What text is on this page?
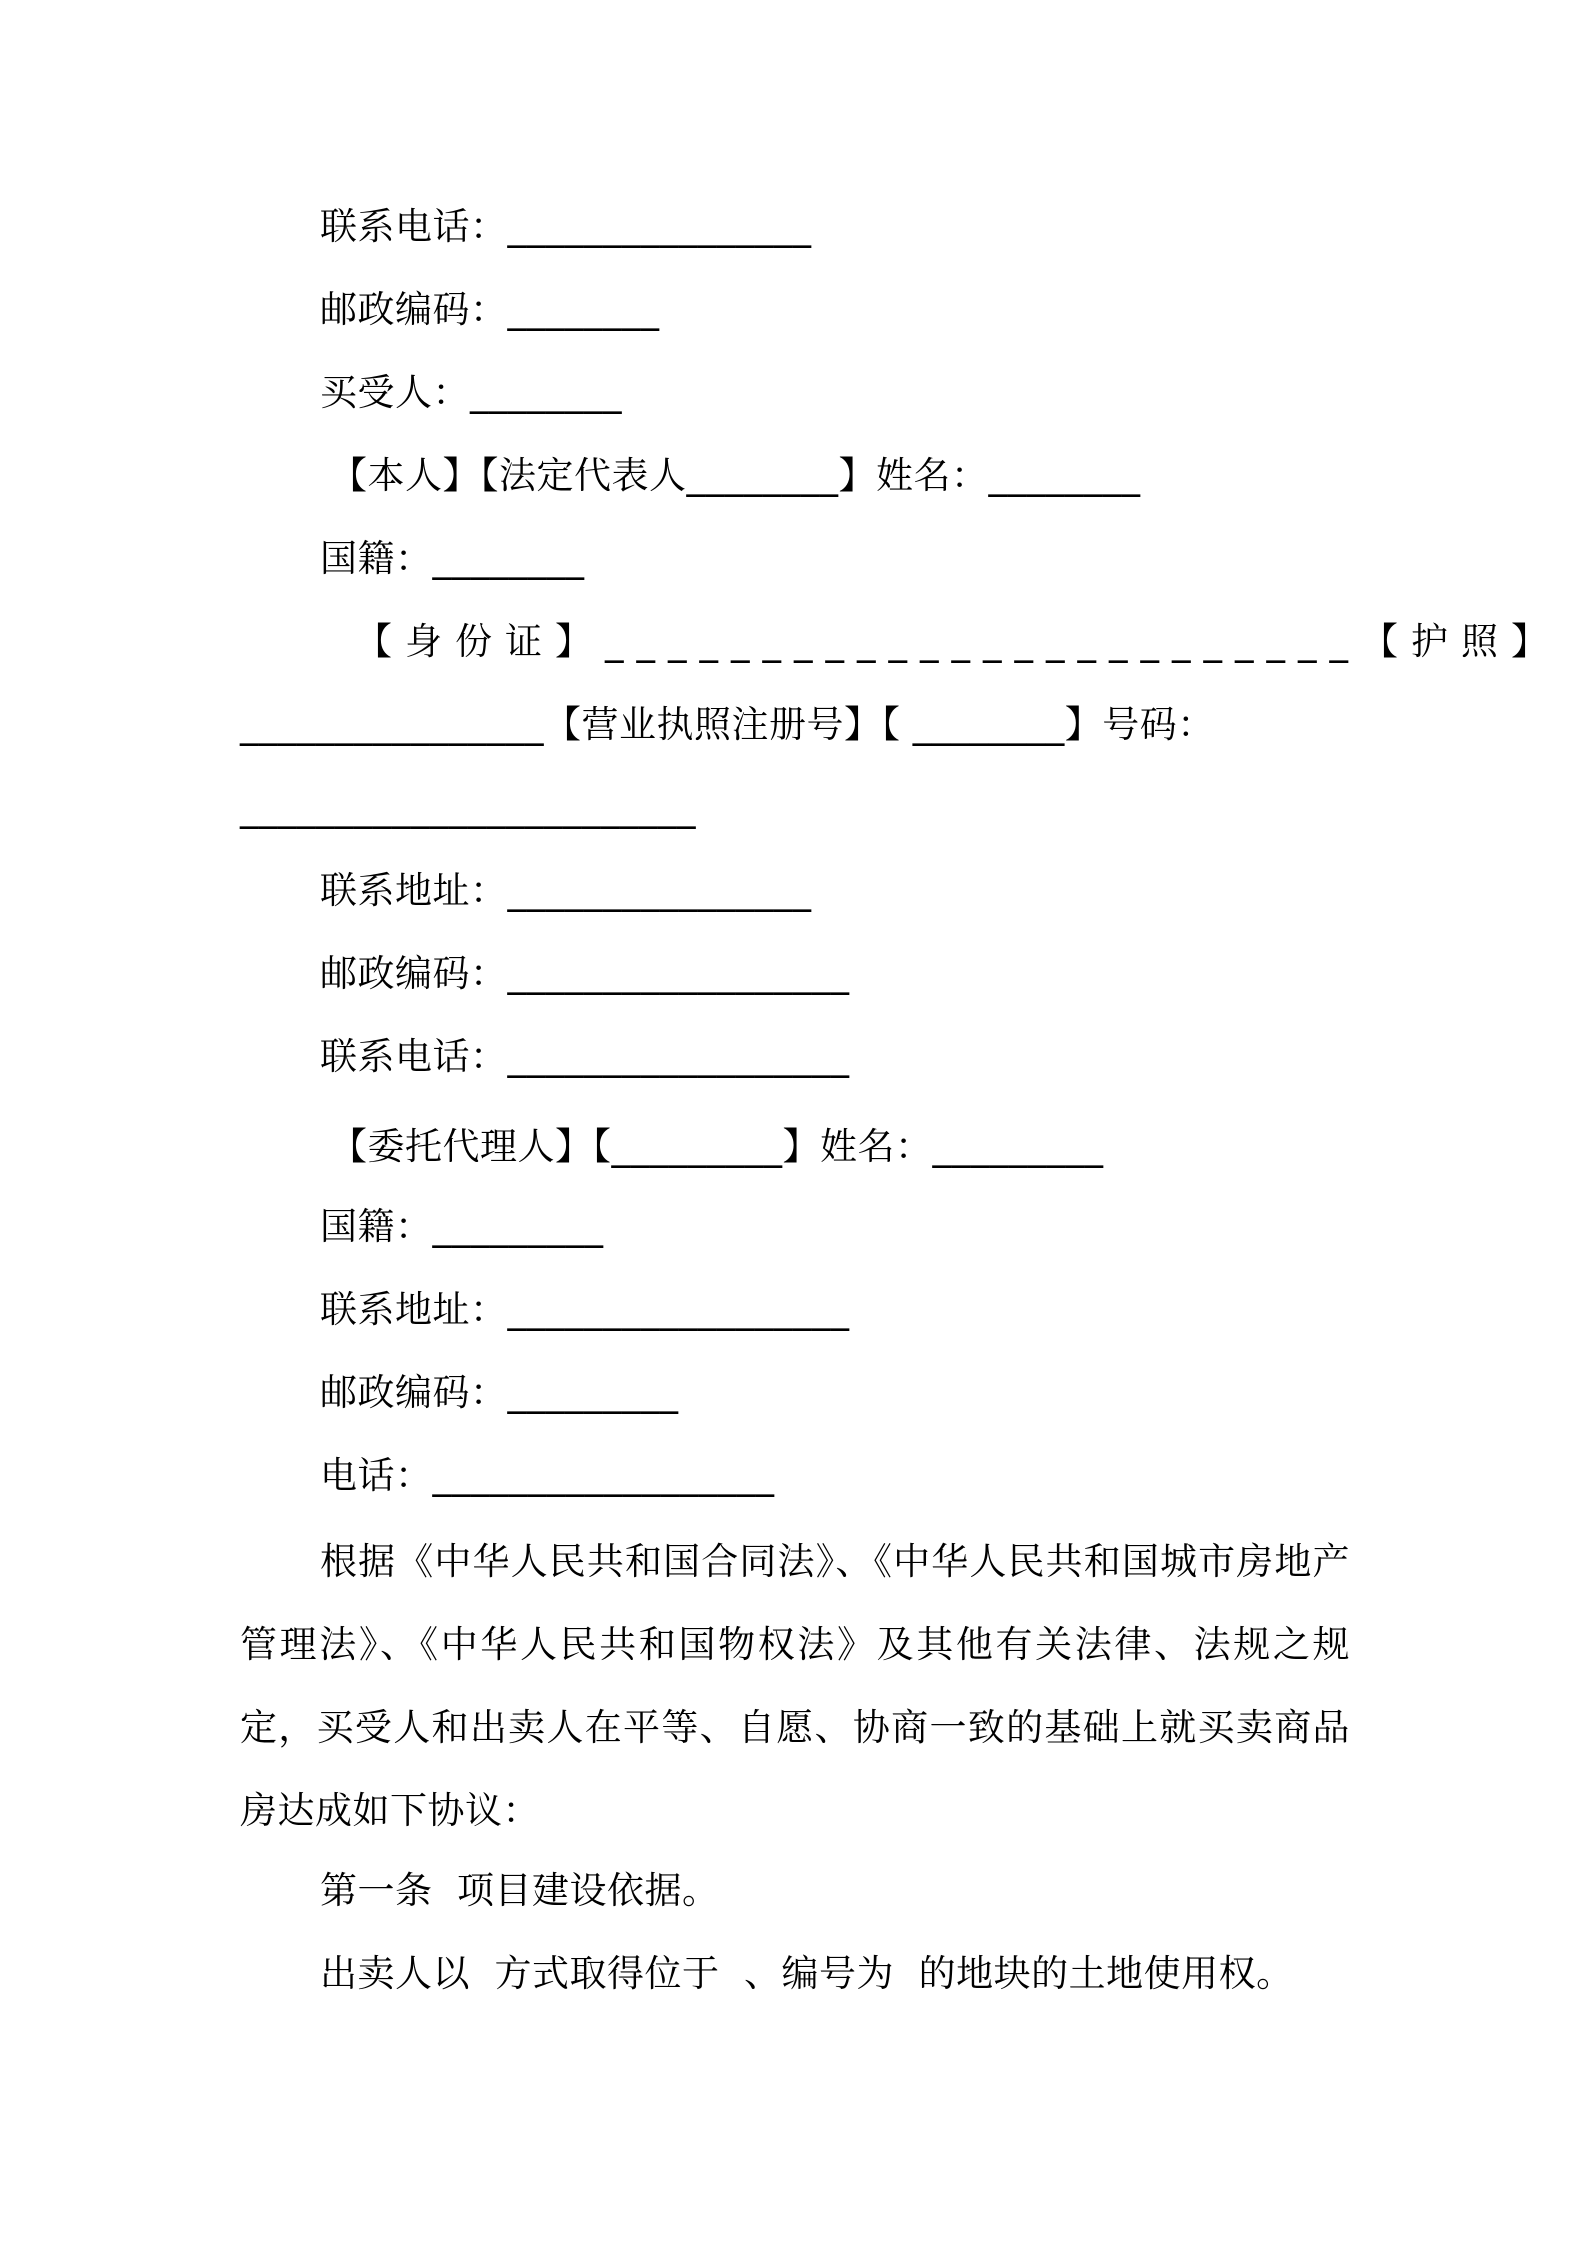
联系电话：________________
邮政编码：________
买受人：________
【本人】【法定代表人________】姓名：________
国籍：________
【身份证】________________________【护照】
________________【营业执照注册号】【 ________】号码：
________________________
联系地址：________________
邮政编码：__________________
联系电话：__________________
【委托代理人】【_________】姓名：_________
国籍：_________
联系地址：__________________
邮政编码：_________
电话：__________________
根据《中华人民共和国合同法》、《中华人民共和国城市房地产管理法》、《中华人民共和国物权法》及其他有关法律、法规之规定，买受人和出卖人在平等、自愿、协商一致的基础上就买卖商品房达成如下协议：
第一条  项目建设依据。
出卖人以  方式取得位于  、编号为  的地块的土地使用权。
